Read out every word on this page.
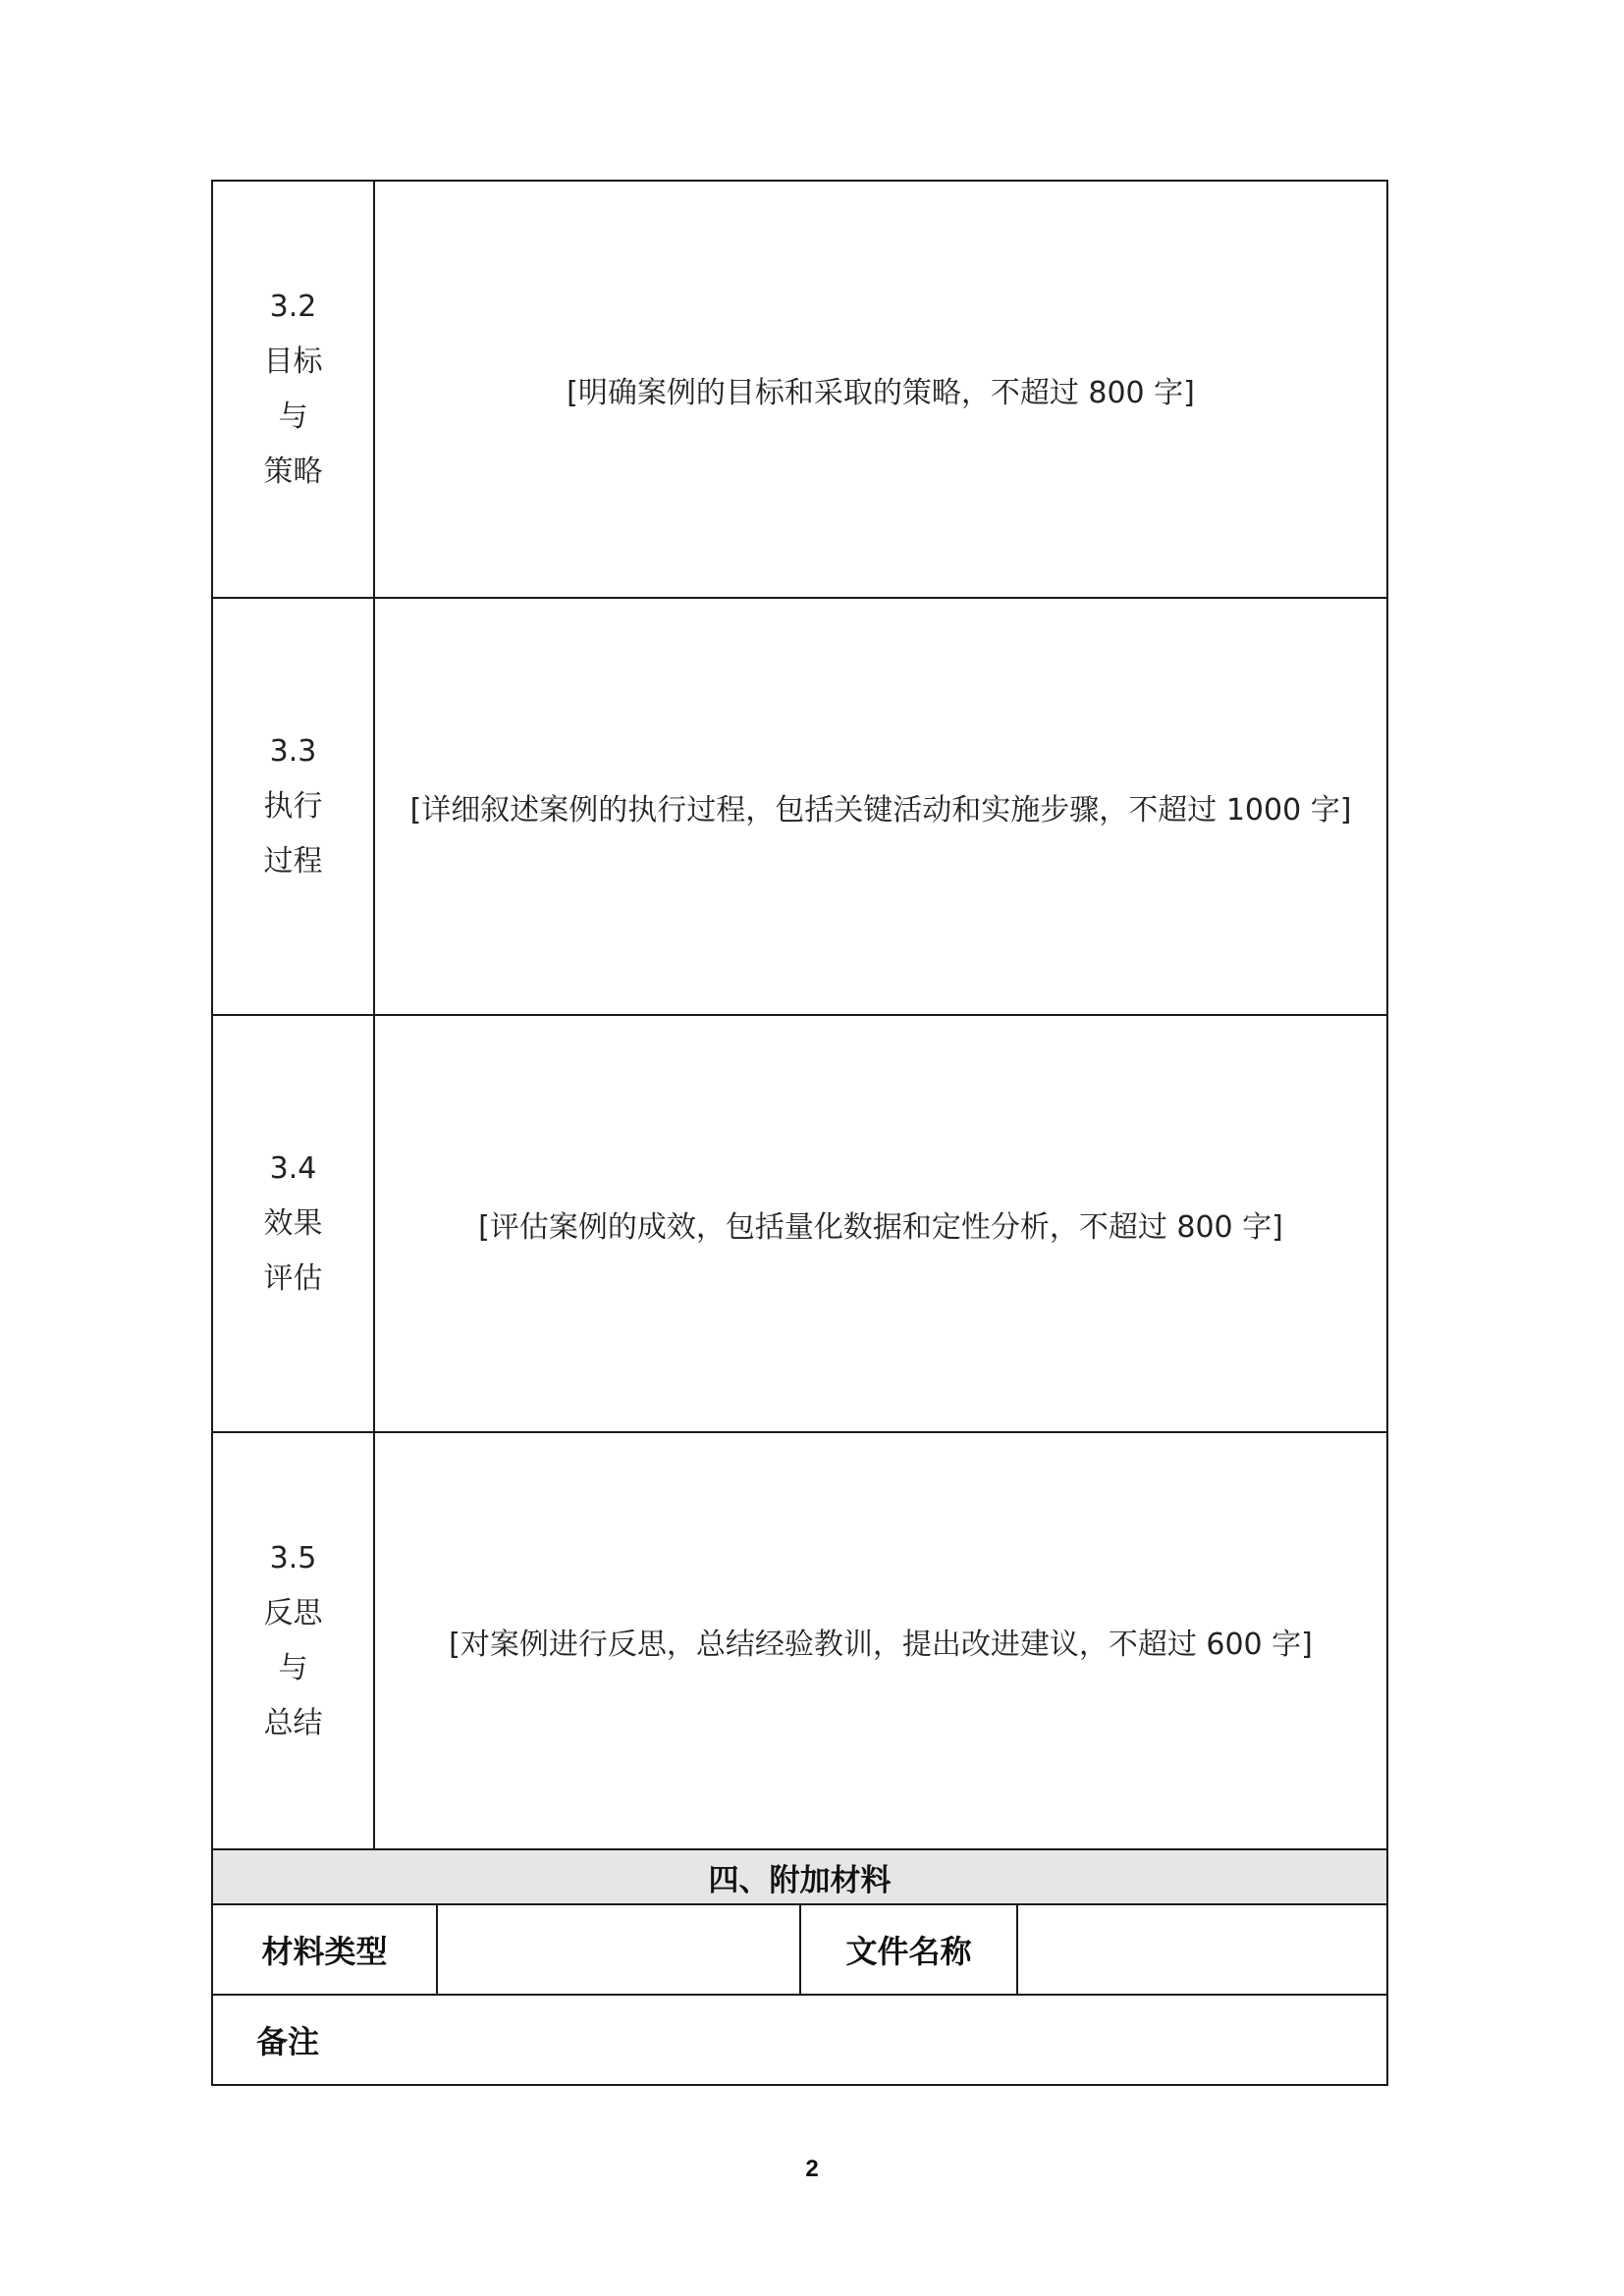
3.2
目标
与
策略	[明确案例的目标和采取的策略，不超过 800 字]			

3.3
执行
过程	[详细叙述案例的执行过程，包括关键活动和实施步骤，不超过 1000 字]			

3.4
效果
评估	[评估案例的成效，包括量化数据和定性分析，不超过 800 字]			

3.5
反思
与
总结	[对案例进行反思，总结经验教训，提出改进建议，不超过 600 字]			
四、附加材料				
材料类型			文件名称	
备注				
2
